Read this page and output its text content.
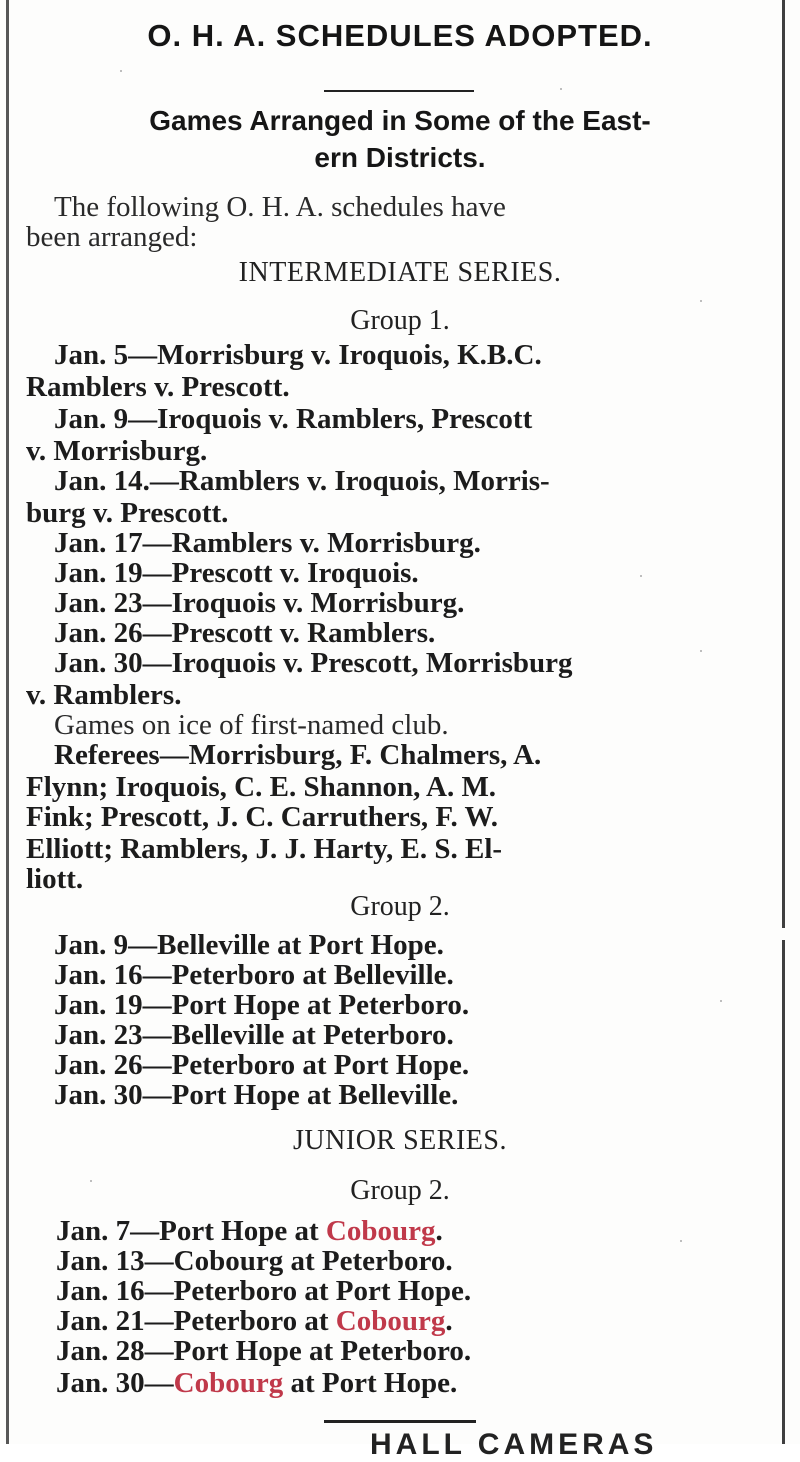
O. H. A. SCHEDULES ADOPTED.
Games Arranged in Some of the East-
ern Districts.
The following O. H. A. schedules have
been arranged:
INTERMEDIATE SERIES.
Group 1.
Jan. 5—Morrisburg v. Iroquois, K.B.C.
Ramblers v. Prescott.
Jan. 9—Iroquois v. Ramblers, Prescott
v. Morrisburg.
Jan. 14.—Ramblers v. Iroquois, Morris-
burg v. Prescott.
Jan. 17—Ramblers v. Morrisburg.
Jan. 19—Prescott v. Iroquois.
Jan. 23—Iroquois v. Morrisburg.
Jan. 26—Prescott v. Ramblers.
Jan. 30—Iroquois v. Prescott, Morrisburg
v. Ramblers.
Games on ice of first-named club.
Referees—Morrisburg, F. Chalmers, A.
Flynn; Iroquois, C. E. Shannon, A. M.
Fink; Prescott, J. C. Carruthers, F. W.
Elliott; Ramblers, J. J. Harty, E. S. El-
liott.
Group 2.
Jan. 9—Belleville at Port Hope.
Jan. 16—Peterboro at Belleville.
Jan. 19—Port Hope at Peterboro.
Jan. 23—Belleville at Peterboro.
Jan. 26—Peterboro at Port Hope.
Jan. 30—Port Hope at Belleville.
JUNIOR SERIES.
Group 2.
Jan. 7—Port Hope at Cobourg.
Jan. 13—Cobourg at Peterboro.
Jan. 16—Peterboro at Port Hope.
Jan. 21—Peterboro at Cobourg.
Jan. 28—Port Hope at Peterboro.
Jan. 30—Cobourg at Port Hope.
HALL CAMERAS
